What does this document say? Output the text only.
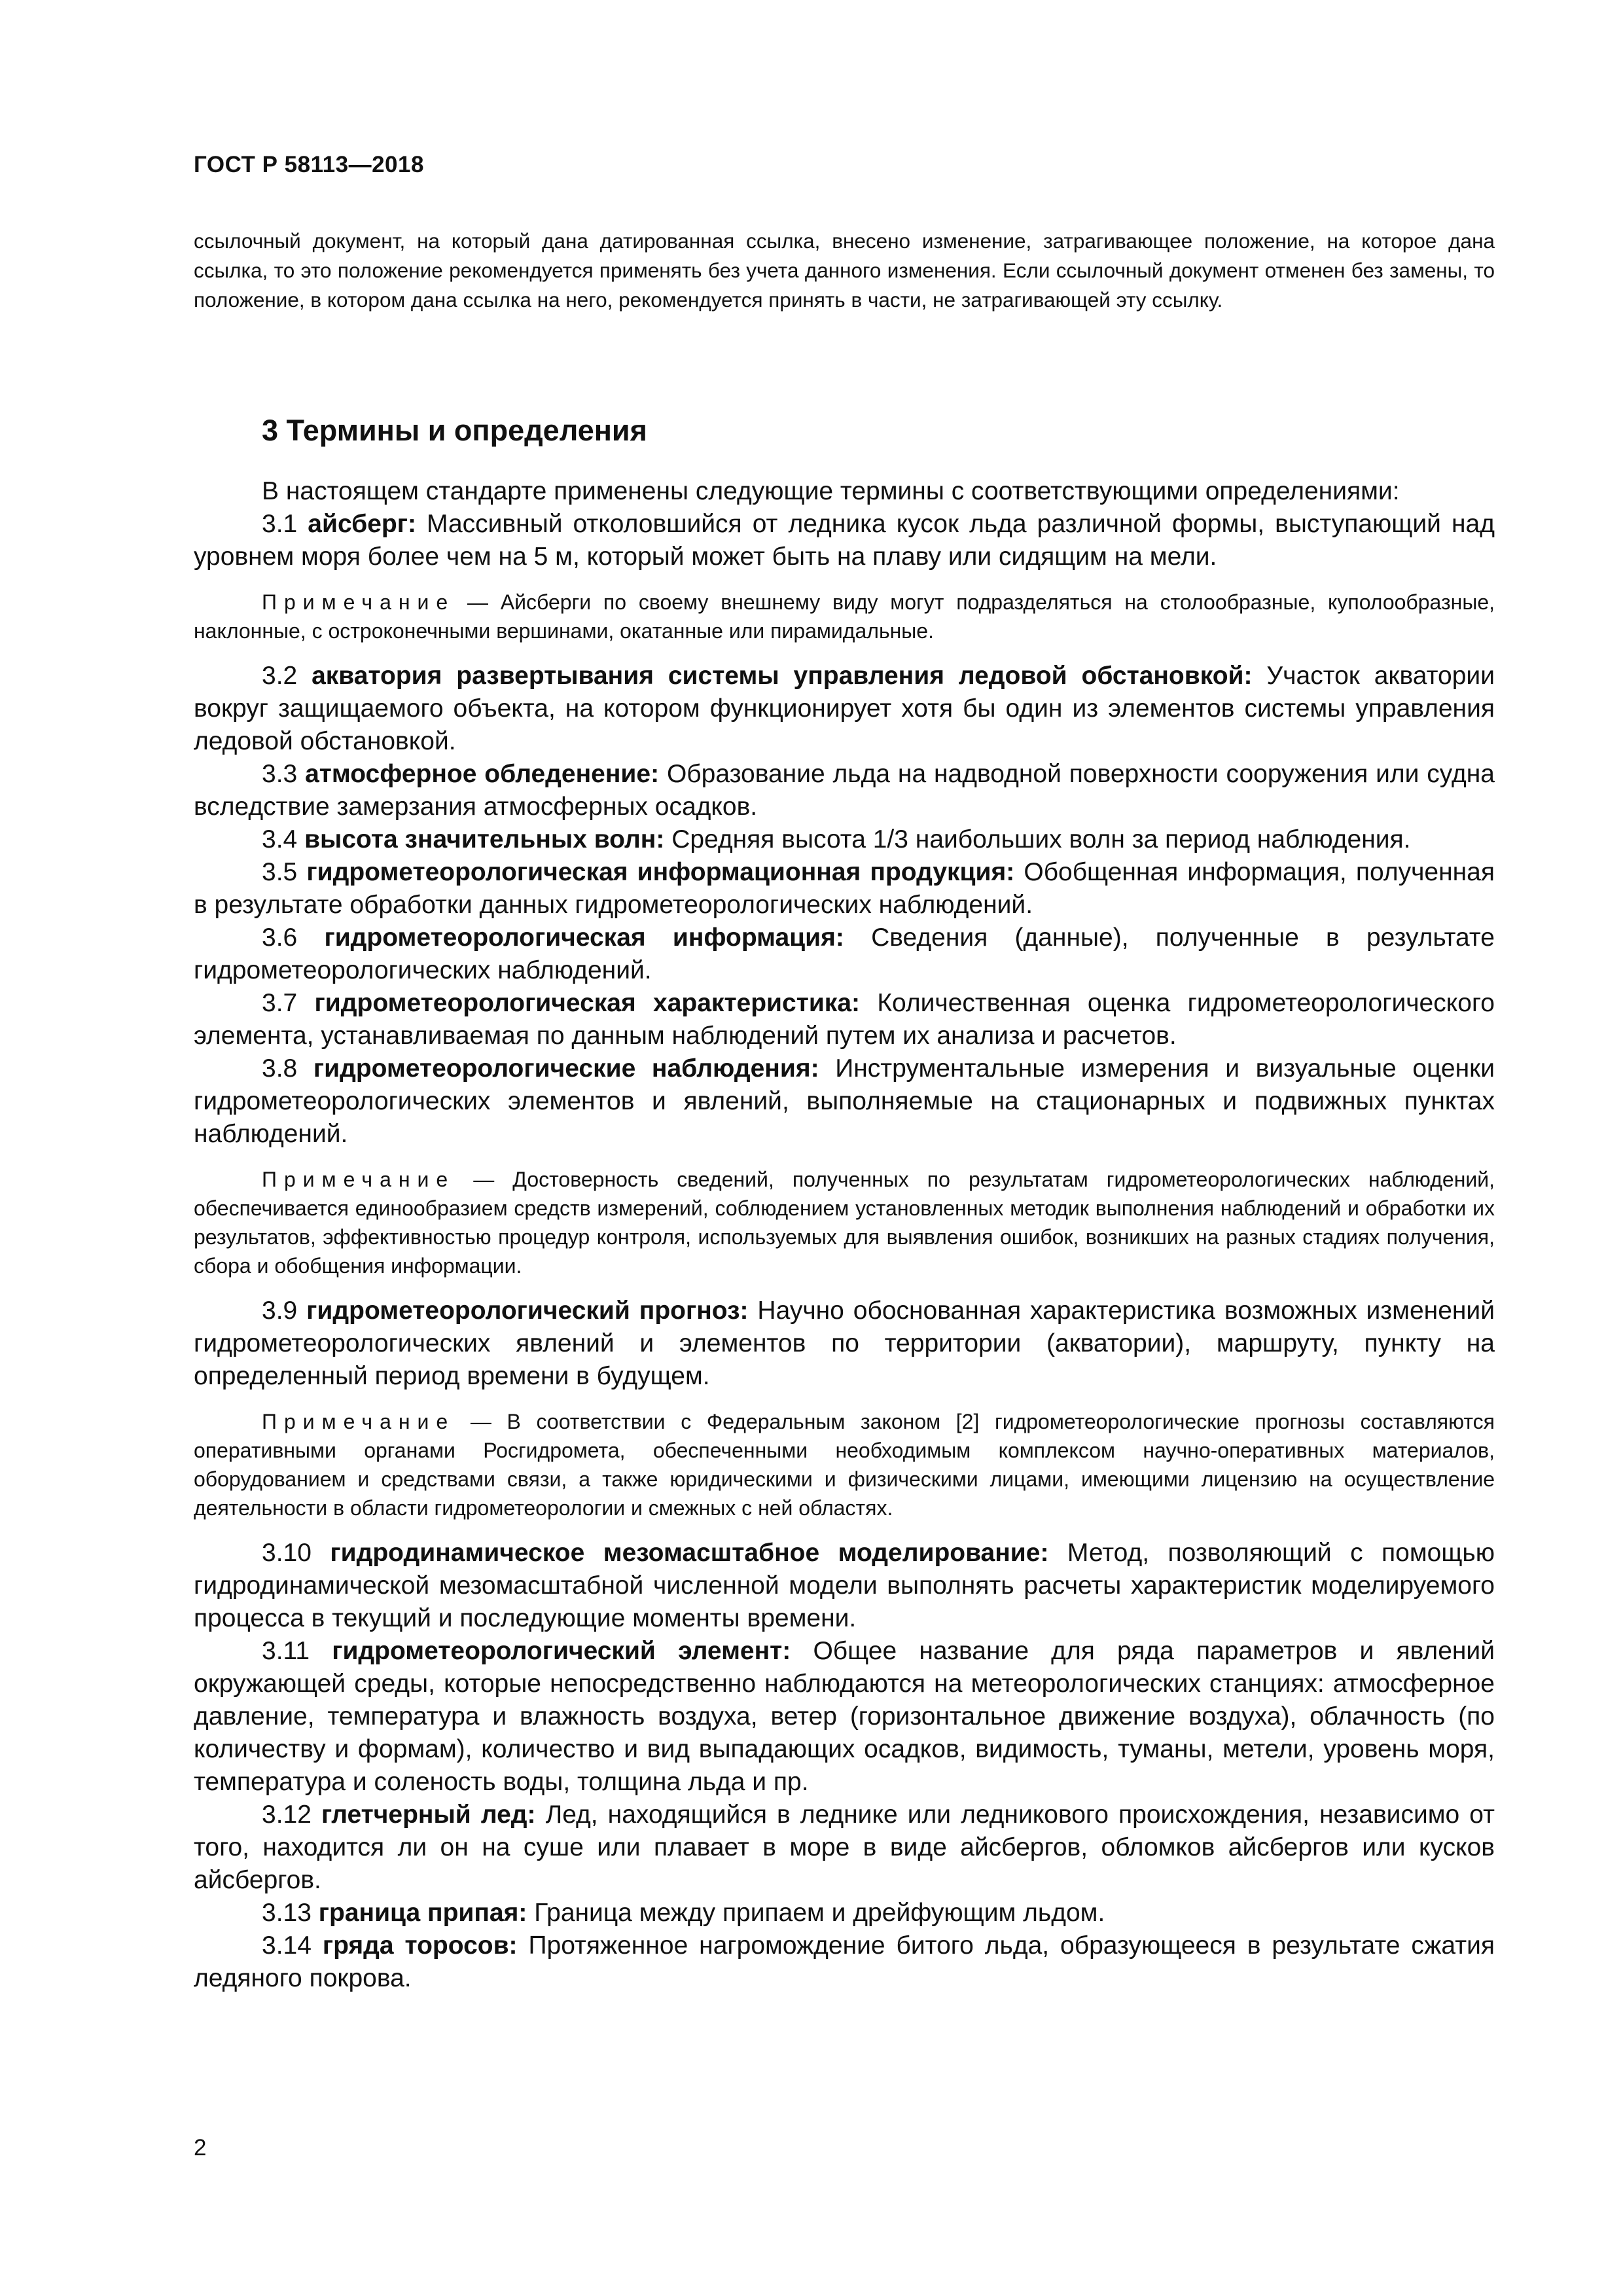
ГОСТ Р 58113—2018
ссылочный документ, на который дана датированная ссылка, внесено изменение, затрагивающее положение, на которое дана ссылка, то это положение рекомендуется применять без учета данного изменения. Если ссылочный документ отменен без замены, то положение, в котором дана ссылка на него, рекомендуется принять в части, не затрагивающей эту ссылку.
3 Термины и определения

В настоящем стандарте применены следующие термины с соответствующими определениями:

3.1 айсберг: Массивный отколовшийся от ледника кусок льда различной формы, выступающий над уровнем моря более чем на 5 м, который может быть на плаву или сидящим на мели.

Примечание — Айсберги по своему внешнему виду могут подразделяться на столообразные, куполообразные, наклонные, с остроконечными вершинами, окатанные или пирамидальные.

3.2 акватория развертывания системы управления ледовой обстановкой: Участок акватории вокруг защищаемого объекта, на котором функционирует хотя бы один из элементов системы управления ледовой обстановкой.

3.3 атмосферное обледенение: Образование льда на надводной поверхности сооружения или судна вследствие замерзания атмосферных осадков.

3.4 высота значительных волн: Средняя высота 1/3 наибольших волн за период наблюдения.

3.5 гидрометеорологическая информационная продукция: Обобщенная информация, полученная в результате обработки данных гидрометеорологических наблюдений.

3.6 гидрометеорологическая информация: Сведения (данные), полученные в результате гидрометеорологических наблюдений.

3.7 гидрометеорологическая характеристика: Количественная оценка гидрометеорологического элемента, устанавливаемая по данным наблюдений путем их анализа и расчетов.

3.8 гидрометеорологические наблюдения: Инструментальные измерения и визуальные оценки гидрометеорологических элементов и явлений, выполняемые на стационарных и подвижных пунктах наблюдений.

Примечание — Достоверность сведений, полученных по результатам гидрометеорологических наблюдений, обеспечивается единообразием средств измерений, соблюдением установленных методик выполнения наблюдений и обработки их результатов, эффективностью процедур контроля, используемых для выявления ошибок, возникших на разных стадиях получения, сбора и обобщения информации.

3.9 гидрометеорологический прогноз: Научно обоснованная характеристика возможных изменений гидрометеорологических явлений и элементов по территории (акватории), маршруту, пункту на определенный период времени в будущем.

Примечание — В соответствии с Федеральным законом [2] гидрометеорологические прогнозы составляются оперативными органами Росгидромета, обеспеченными необходимым комплексом научно-оперативных материалов, оборудованием и средствами связи, а также юридическими и физическими лицами, имеющими лицензию на осуществление деятельности в области гидрометеорологии и смежных с ней областях.

3.10 гидродинамическое мезомасштабное моделирование: Метод, позволяющий с помощью гидродинамической мезомасштабной численной модели выполнять расчеты характеристик моделируемого процесса в текущий и последующие моменты времени.

3.11 гидрометеорологический элемент: Общее название для ряда параметров и явлений окружающей среды, которые непосредственно наблюдаются на метеорологических станциях: атмосферное давление, температура и влажность воздуха, ветер (горизонтальное движение воздуха), облачность (по количеству и формам), количество и вид выпадающих осадков, видимость, туманы, метели, уровень моря, температура и соленость воды, толщина льда и пр.

3.12 глетчерный лед: Лед, находящийся в леднике или ледникового происхождения, независимо от того, находится ли он на суше или плавает в море в виде айсбергов, обломков айсбергов или кусков айсбергов.

3.13 граница припая: Граница между припаем и дрейфующим льдом.

3.14 гряда торосов: Протяженное нагромождение битого льда, образующееся в результате сжатия ледяного покрова.

2
